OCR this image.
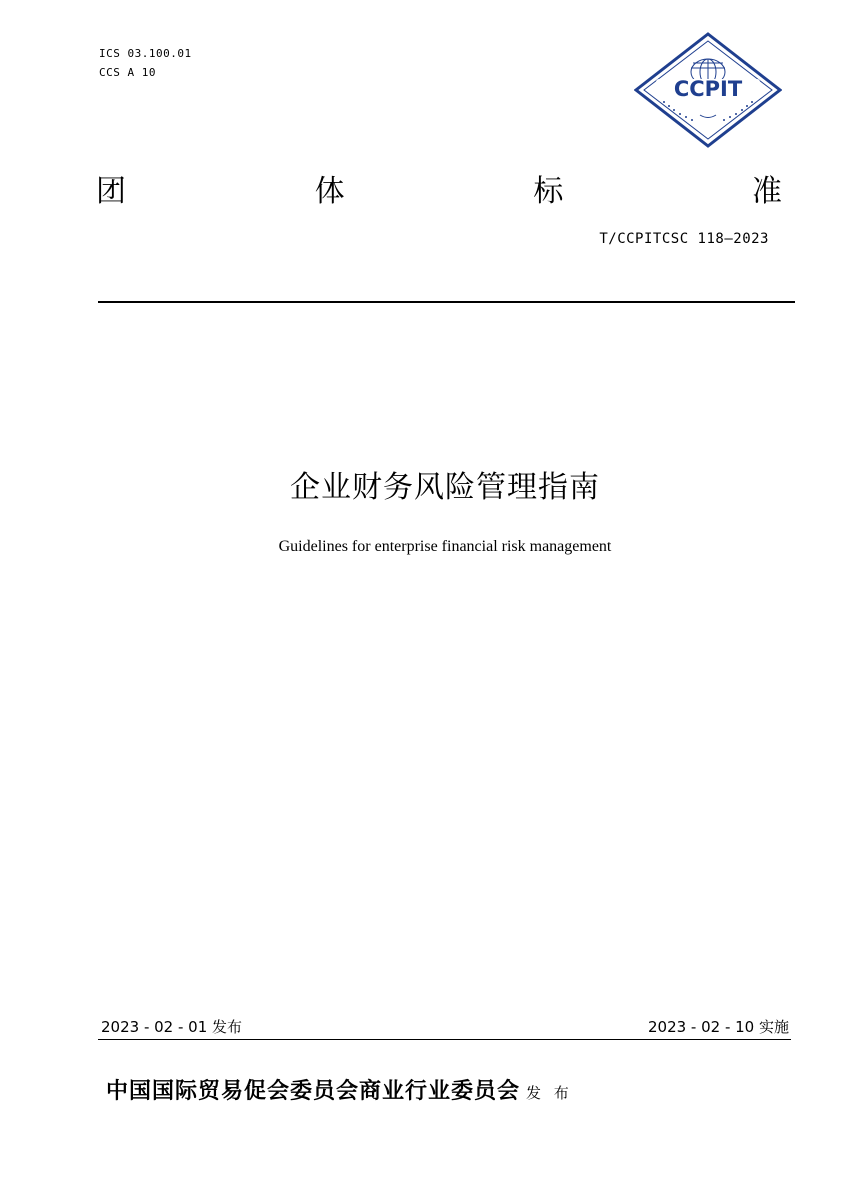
ICS 03.100.01
CCS A 10
CCPIT
团	体	标	准
T/CCPITCSC 118—2023
企业财务风险管理指南
Guidelines for enterprise financial risk management
2023 - 02 - 01 发布	2023 - 02 - 10 实施
中国国际贸易促会委员会商业行业委员会 发 布
